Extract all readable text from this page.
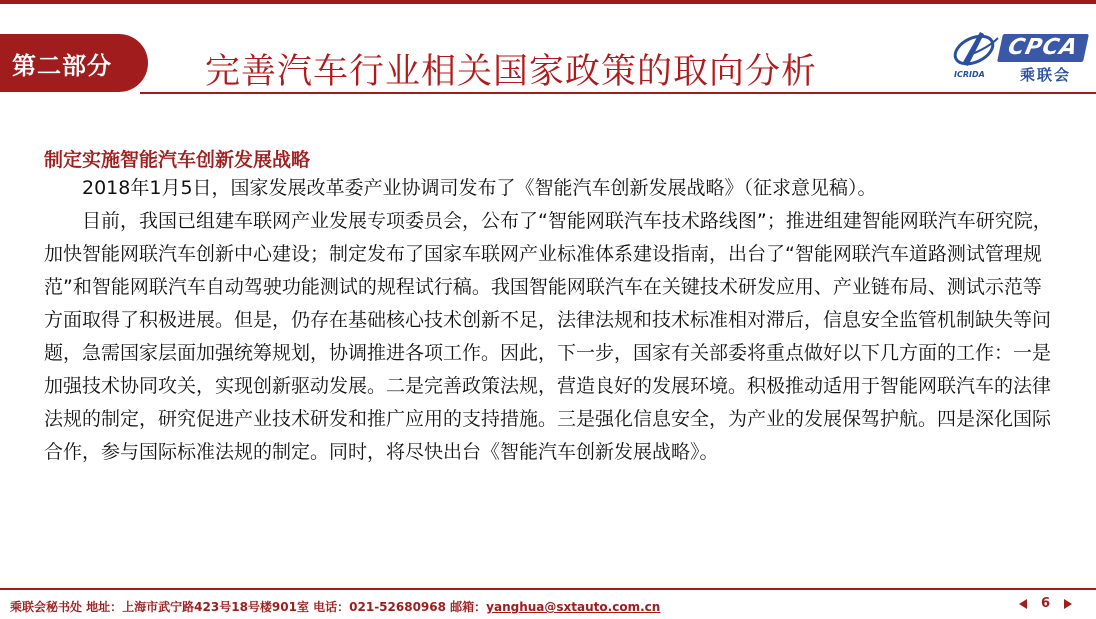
第二部分	完善汽车行业相关国家政策的取向分析
CPCA
乘联会
ICRIDA
制定实施智能汽车创新发展战略

2018年1月5日，国家发展改革委产业协调司发布了《智能汽车创新发展战略》（征求意见稿）。

目前，我国已组建车联网产业发展专项委员会，公布了“智能网联汽车技术路线图”；推进组建智能网联汽车研究院，加快智能网联汽车创新中心建设；制定发布了国家车联网产业标准体系建设指南，出台了“智能网联汽车道路测试管理规范”和智能网联汽车自动驾驶功能测试的规程试行稿。我国智能网联汽车在关键技术研发应用、产业链布局、测试示范等方面取得了积极进展。但是，仍存在基础核心技术创新不足，法律法规和技术标准相对滞后，信息安全监管机制缺失等问题，急需国家层面加强统筹规划，协调推进各项工作。因此，下一步，国家有关部委将重点做好以下几方面的工作：一是加强技术协同攻关，实现创新驱动发展。二是完善政策法规，营造良好的发展环境。积极推动适用于智能网联汽车的法律法规的制定，研究促进产业技术研发和推广应用的支持措施。三是强化信息安全，为产业的发展保驾护航。四是深化国际合作，参与国际标准法规的制定。同时，将尽快出台《智能汽车创新发展战略》。

乘联会秘书处 地址：上海市武宁路423号18号楼901室 电话：021-52680968 邮箱：yanghua@sxtauto.com.cn	6
